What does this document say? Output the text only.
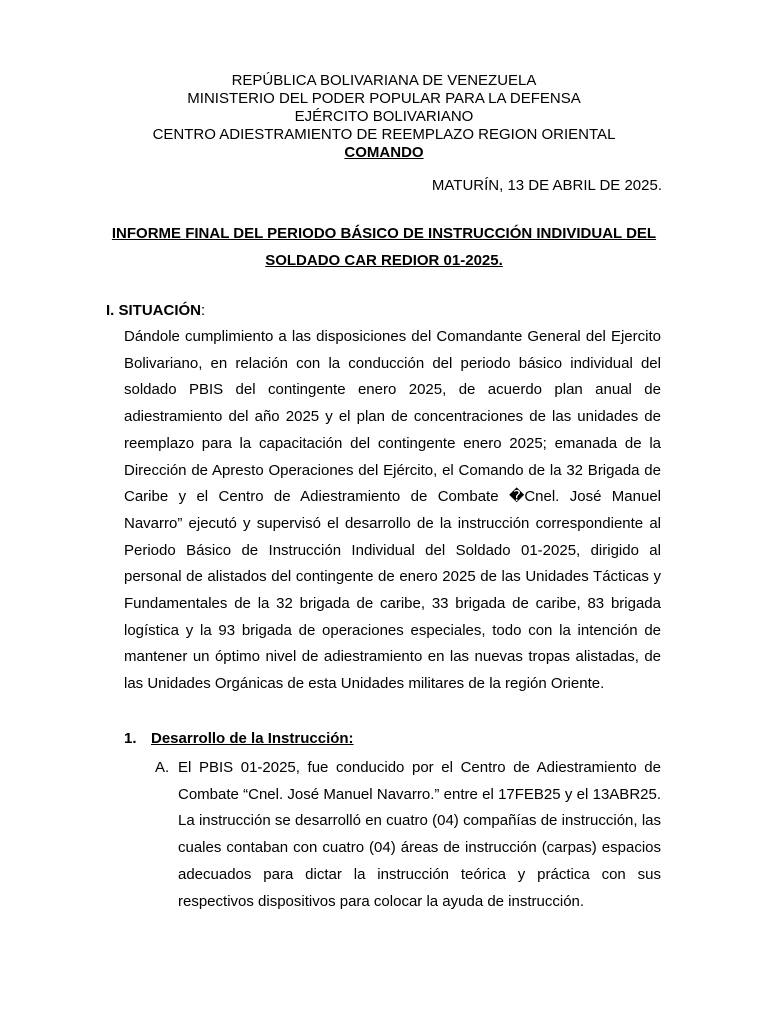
REPÚBLICA BOLIVARIANA DE VENEZUELA
MINISTERIO DEL PODER POPULAR PARA LA DEFENSA
EJÉRCITO BOLIVARIANO
CENTRO ADIESTRAMIENTO DE REEMPLAZO REGION ORIENTAL
COMANDO
MATURÍN, 13 DE ABRIL DE 2025.
INFORME FINAL DEL PERIODO BÁSICO DE INSTRUCCIÓN INDIVIDUAL DEL
SOLDADO CAR REDIOR 01-2025.
I. SITUACIÓN:
Dándole cumplimiento a las disposiciones del Comandante General del Ejercito Bolivariano, en relación con la conducción del periodo básico individual del soldado PBIS del contingente enero 2025, de acuerdo plan anual de adiestramiento del año 2025 y el plan de concentraciones de las unidades de reemplazo para la capacitación del contingente enero 2025; emanada de la Dirección de Apresto Operaciones del Ejército, el Comando de la 32 Brigada de Caribe y el Centro de Adiestramiento de Combate �Cnel. José Manuel Navarro” ejecutó y supervisó el desarrollo de la instrucción correspondiente al Periodo Básico de Instrucción Individual del Soldado 01-2025, dirigido al personal de alistados del contingente de enero 2025 de las Unidades Tácticas y Fundamentales de la 32 brigada de caribe, 33 brigada de caribe, 83 brigada logística y la 93 brigada de operaciones especiales, todo con la intención de mantener un óptimo nivel de adiestramiento en las nuevas tropas alistadas, de las Unidades Orgánicas de esta Unidades militares de la región Oriente.
1. Desarrollo de la Instrucción:
A. El PBIS 01-2025, fue conducido por el Centro de Adiestramiento de Combate “Cnel. José Manuel Navarro.” entre el 17FEB25 y el 13ABR25. La instrucción se desarrolló en cuatro (04) compañías de instrucción, las cuales contaban con cuatro (04) áreas de instrucción (carpas) espacios adecuados para dictar la instrucción teórica y práctica con sus respectivos dispositivos para colocar la ayuda de instrucción.
